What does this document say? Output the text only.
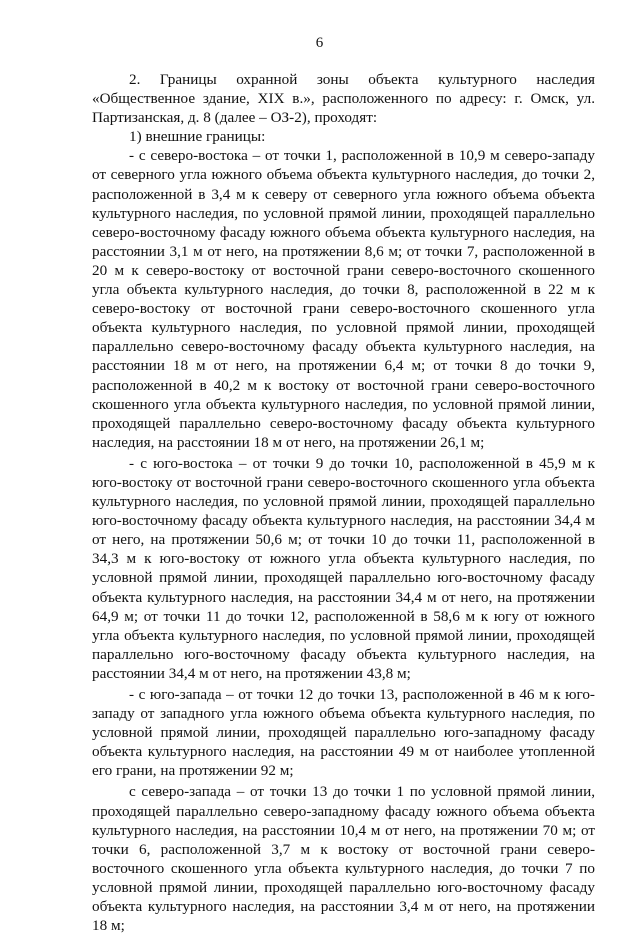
6

2. Границы охранной зоны объекта культурного наследия «Общественное здание, XIX в.», расположенного по адресу: г. Омск, ул. Партизанская, д. 8 (далее – ОЗ-2), проходят:

1) внешние границы:

- с северо-востока – от точки 1, расположенной в 10,9 м северо-западу от северного угла южного объема объекта культурного наследия, до точки 2, расположенной в 3,4 м к северу от северного угла южного объема объекта культурного наследия, по условной прямой линии, проходящей параллельно северо-восточному фасаду южного объема объекта культурного наследия, на расстоянии 3,1 м от него, на протяжении 8,6 м; от точки 7, расположенной в 20 м к северо-востоку от восточной грани северо-восточного скошенного угла объекта культурного наследия, до точки 8, расположенной в 22 м к северо-востоку от восточной грани северо-восточного скошенного угла объекта культурного наследия, по условной прямой линии, проходящей параллельно северо-восточному фасаду объекта культурного наследия, на расстоянии 18 м от него, на протяжении 6,4 м; от точки 8 до точки 9, расположенной в 40,2 м к востоку от восточной грани северо-восточного скошенного угла объекта культурного наследия, по условной прямой линии, проходящей параллельно северо-восточному фасаду объекта культурного наследия, на расстоянии 18 м от него, на протяжении 26,1 м;

- с юго-востока – от точки 9 до точки 10, расположенной в 45,9 м к юго-востоку от восточной грани северо-восточного скошенного угла объекта культурного наследия, по условной прямой линии, проходящей параллельно юго-восточному фасаду объекта культурного наследия, на расстоянии 34,4 м от него, на протяжении 50,6 м; от точки 10 до точки 11, расположенной в 34,3 м к юго-востоку от южного угла объекта культурного наследия, по условной прямой линии, проходящей параллельно юго-восточному фасаду объекта культурного наследия, на расстоянии 34,4 м от него, на протяжении 64,9 м; от точки 11 до точки 12, расположенной в 58,6 м к югу от южного угла объекта культурного наследия, по условной прямой линии, проходящей параллельно юго-восточному фасаду объекта культурного наследия, на расстоянии 34,4 м от него, на протяжении 43,8 м;

- с юго-запада – от точки 12 до точки 13, расположенной в 46 м к юго-западу от западного угла южного объема объекта культурного наследия, по условной прямой линии, проходящей параллельно юго-западному фасаду объекта культурного наследия, на расстоянии 49 м от наиболее утопленной его грани, на протяжении 92 м;

с северо-запада – от точки 13 до точки 1 по условной прямой линии, проходящей параллельно северо-западному фасаду южного объема объекта культурного наследия, на расстоянии 10,4 м от него, на протяжении 70 м; от точки 6, расположенной 3,7 м к востоку от восточной грани северо-восточного скошенного угла объекта культурного наследия, до точки 7 по условной прямой линии, проходящей параллельно юго-восточному фасаду объекта культурного наследия, на расстоянии 3,4 м от него, на протяжении 18 м;
